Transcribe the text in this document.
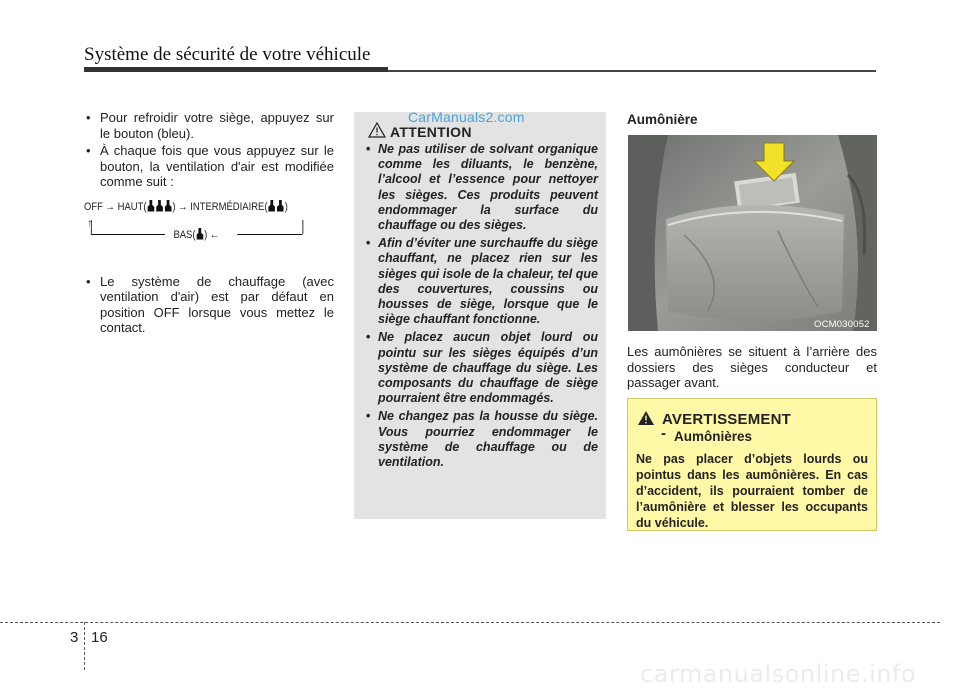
Système de sécurité de votre véhicule
• Pour refroidir votre siège, appuyez sur le bouton (bleu).
• À chaque fois que vous appuyez sur le bouton, la ventilation d'air est modifiée comme suit :
OFF → HAUT( ) → INTERMÉDIAIRE( )
↑
BAS( ) ←
• Le système de chauffage (avec ventilation d'air) est par défaut en position OFF lorsque vous mettez le contact.
ATTENTION
• Ne pas utiliser de solvant organique comme les diluants, le benzène, l’alcool et l’essence pour nettoyer les sièges. Ces produits peuvent endommager la surface du chauffage ou des sièges.
• Afin d’éviter une surchauffe du siège chauffant, ne placez rien sur les sièges qui isole de la chaleur, tel que des couvertures, coussins ou housses de siège, lorsque que le siège chauffant fonctionne.
• Ne placez aucun objet lourd ou pointu sur les sièges équipés d’un système de chauffage du siège. Les composants du chauffage de siège pourraient être endommagés.
• Ne changez pas la housse du siège. Vous pourriez endommager le système de chauffage ou de ventilation.
CarManuals2.com	Aumônière
OCM030052
Les aumônières se situent à l’arrière des dossiers des sièges conducteur et passager avant.
AVERTISSEMENT
- Aumônières
Ne pas placer d’objets lourds ou pointus dans les aumônières. En cas d’accident, ils pourraient tomber de l’aumônière et blesser les occupants du véhicule.
3 16
carmanualsonline.info
